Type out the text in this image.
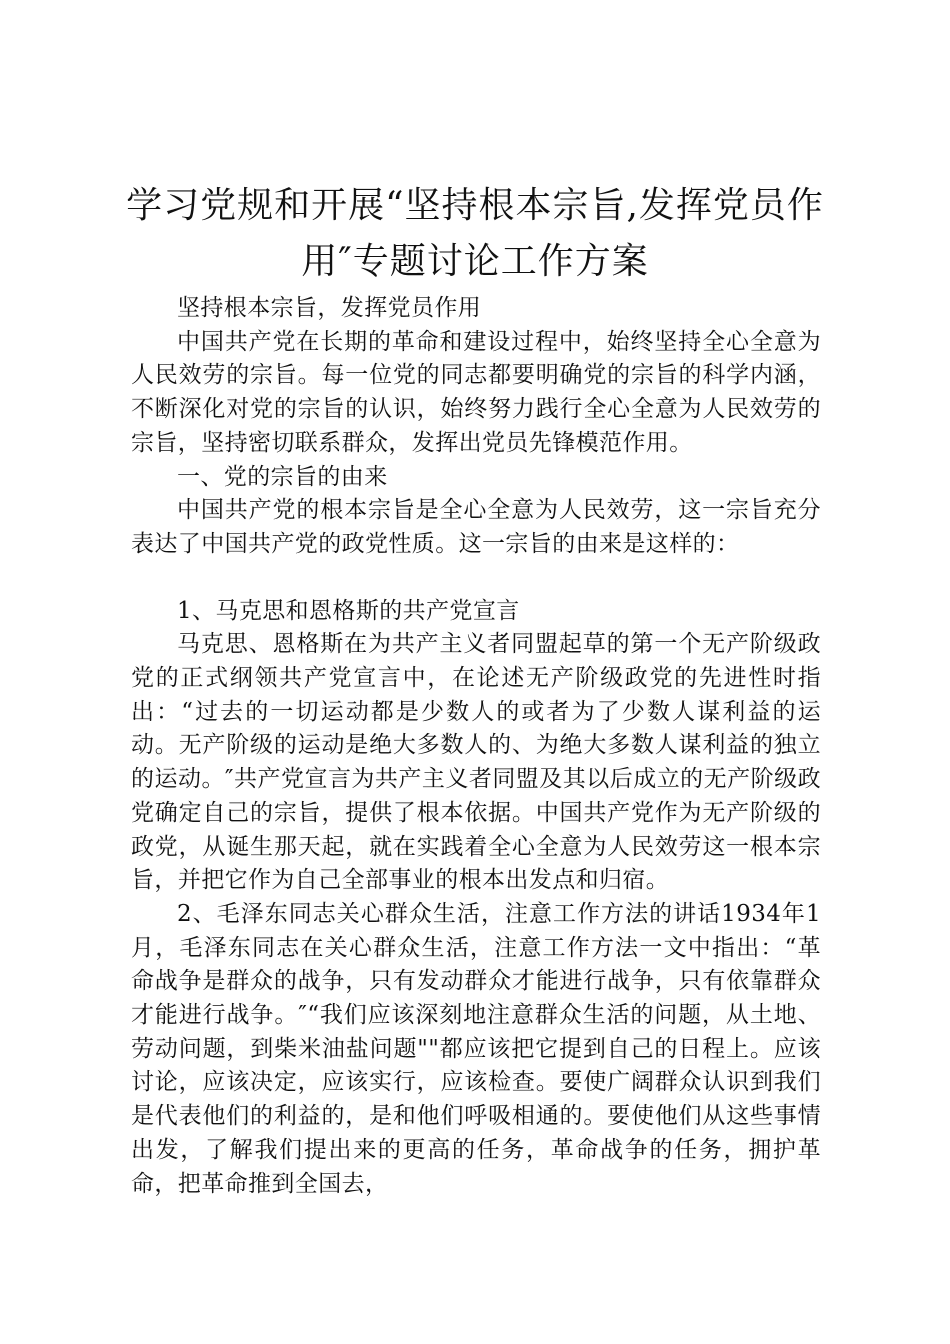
学习党规和开展“坚持根本宗旨,发挥党员作用″专题讨论工作方案

坚持根本宗旨，发挥党员作用

中国共产党在长期的革命和建设过程中，始终坚持全心全意为人民效劳的宗旨。每一位党的同志都要明确党的宗旨的科学内涵，不断深化对党的宗旨的认识，始终努力践行全心全意为人民效劳的宗旨，坚持密切联系群众，发挥出党员先锋模范作用。

一、党的宗旨的由来

中国共产党的根本宗旨是全心全意为人民效劳，这一宗旨充分表达了中国共产党的政党性质。这一宗旨的由来是这样的：

1、马克思和恩格斯的共产党宣言

马克思、恩格斯在为共产主义者同盟起草的第一个无产阶级政党的正式纲领共产党宣言中，在论述无产阶级政党的先进性时指出：“过去的一切运动都是少数人的或者为了少数人谋利益的运动。无产阶级的运动是绝大多数人的、为绝大多数人谋利益的独立的运动。″共产党宣言为共产主义者同盟及其以后成立的无产阶级政党确定自己的宗旨，提供了根本依据。中国共产党作为无产阶级的政党，从诞生那天起，就在实践着全心全意为人民效劳这一根本宗旨，并把它作为自己全部事业的根本出发点和归宿。

2、毛泽东同志关心群众生活，注意工作方法的讲话1934年1月，毛泽东同志在关心群众生活，注意工作方法一文中指出：“革命战争是群众的战争，只有发动群众才能进行战争，只有依靠群众才能进行战争。″“我们应该深刻地注意群众生活的问题，从土地、劳动问题，到柴米油盐问题""都应该把它提到自己的日程上。应该讨论，应该决定，应该实行，应该检查。要使广阔群众认识到我们是代表他们的利益的，是和他们呼吸相通的。要使他们从这些事情出发，了解我们提出来的更高的任务，革命战争的任务，拥护革命，把革命推到全国去，
